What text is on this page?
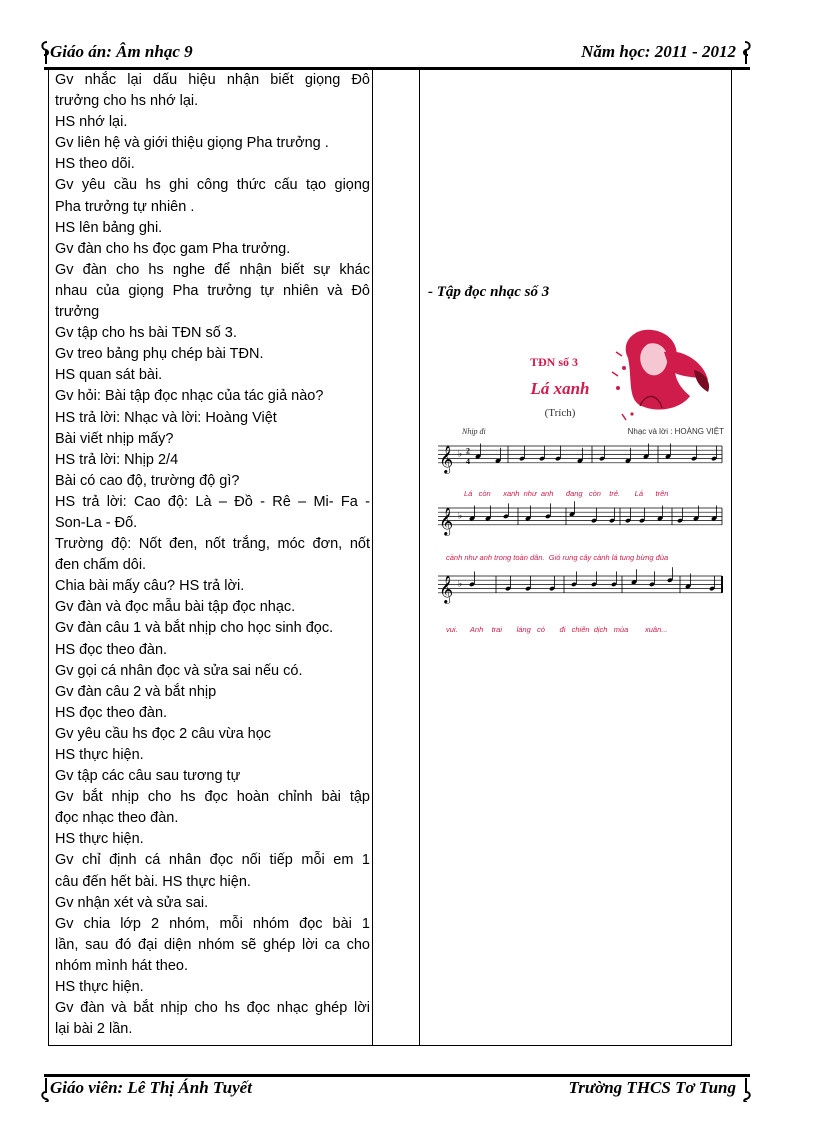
Giáo án: Âm nhạc 9	Năm học: 2011 - 2012
Gv nhắc lại dấu hiệu nhận biết giọng Đô
trưởng cho hs nhớ lại.
HS nhớ lại.
Gv liên hệ và giới thiệu giọng Pha trưởng .
HS theo dõi.
Gv yêu cầu hs ghi công thức cấu tạo giọng
Pha trưởng tự nhiên .
HS lên bảng ghi.
Gv đàn cho hs đọc gam Pha trưởng.
Gv đàn cho hs nghe để nhận biết sự khác
nhau của giọng Pha trưởng tự nhiên và Đô
trưởng
Gv tập cho hs bài TĐN số 3.
Gv treo bảng phụ chép bài TĐN.
HS quan sát bài.
Gv hỏi: Bài tập đọc nhạc của tác giả nào?
HS trả lời: Nhạc và lời: Hoàng Việt
Bài viết nhịp mấy?
HS trả lời: Nhịp 2/4
Bài có cao độ, trường độ gì?
HS trả lời: Cao độ: Là – Đồ - Rê – Mi- Fa -
Son-La - Đố.
Trường độ: Nốt đen, nốt trắng, móc đơn, nốt
đen chấm dôi.
Chia bài mấy câu? HS trả lời.
Gv đàn và đọc mẫu bài tập đọc nhạc.
Gv đàn câu 1 và bắt nhịp cho học sinh đọc.
HS đọc theo đàn.
Gv gọi cá nhân đọc và sửa sai nếu có.
Gv đàn câu 2 và bắt nhịp
HS đọc theo đàn.
Gv yêu cầu hs đọc 2 câu vừa học
HS thực hiện.
Gv tập các câu sau tương tự
Gv bắt nhịp cho hs đọc hoàn chỉnh bài tập
đọc nhạc theo đàn.
HS thực hiện.
Gv chỉ định cá nhân đọc nối tiếp mỗi em 1
câu đến hết bài. HS thực hiện.
Gv nhận xét và sửa sai.
Gv chia lớp 2 nhóm, mỗi nhóm đọc bài 1
lần, sau đó đại diện nhóm sẽ ghép lời ca cho
nhóm mình hát theo.
HS thực hiện.
Gv đàn và bắt nhịp cho hs đọc nhạc ghép lời
lại bài 2 lần.
- Tập đọc nhạc số 3
TĐN số 3
Lá xanh
(Trích)
Nhịp đi	Nhạc và lời : HOÀNG VIỆT
𝄞 ♭ 2
4
𝄞 ♭
𝄞 ♭
Lá   còn      xanh  như  anh      đang   còn    trẻ.       Lá      trên
cành như anh trong toàn dân.  Gió rung cây cành lá tung bừng đùa
vui.      Anh    trai       láng   có       đi   chiến  dịch   mùa        xuân...
Giáo viên: Lê Thị Ánh Tuyết	Trường THCS Tơ Tung
